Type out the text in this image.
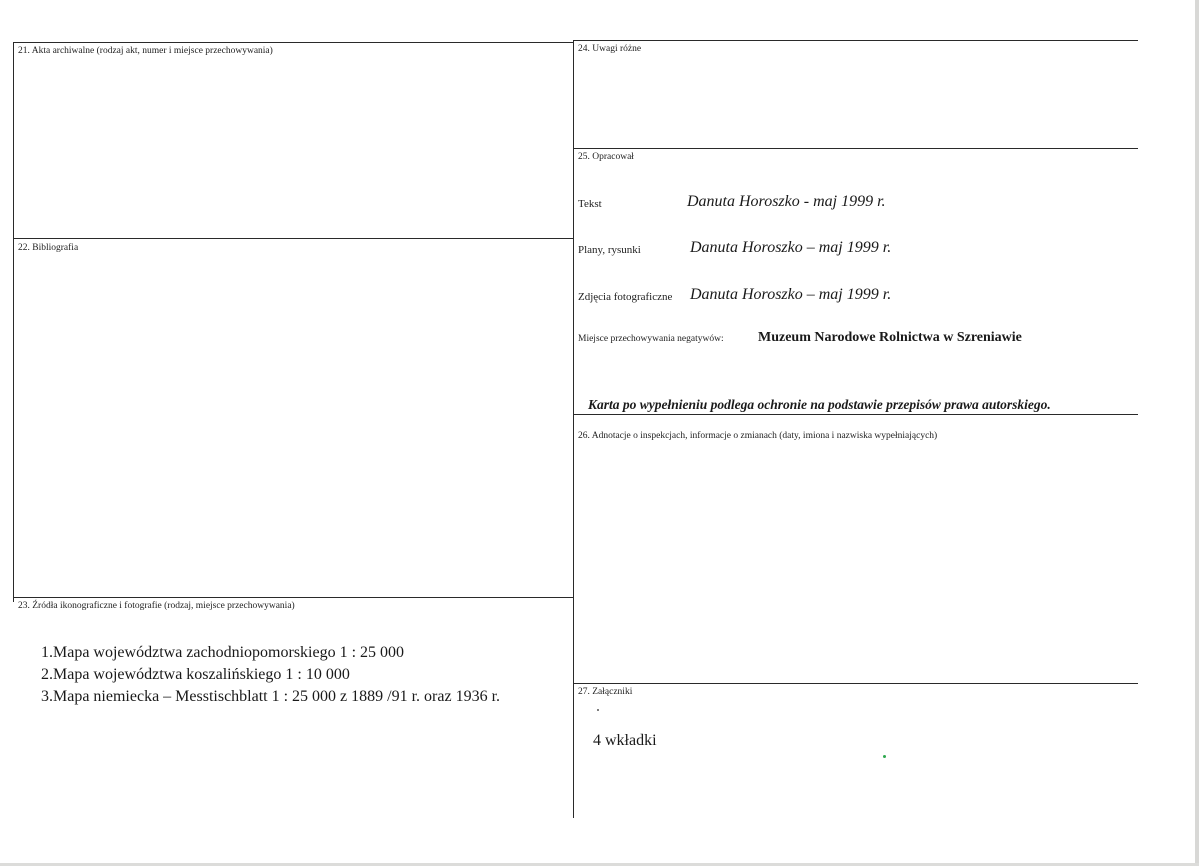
21. Akta archiwalne (rodzaj akt, numer i miejsce przechowywania)
22. Bibliografia
23. Źródła ikonograficzne i fotografie (rodzaj, miejsce przechowywania)
1.Mapa województwa zachodniopomorskiego 1 : 25 000
2.Mapa województwa koszalińskiego 1 : 10 000
3.Mapa niemiecka – Messtischblatt 1 : 25 000 z 1889 /91 r. oraz 1936 r.
24. Uwagi różne
25. Opracował
Tekst	Danuta Horoszko - maj 1999 r.
Plany, rysunki	Danuta Horoszko – maj 1999 r.
Zdjęcia fotograficzne Danuta Horoszko – maj 1999 r.
Miejsce przechowywania negatywów: Muzeum Narodowe Rolnictwa w Szreniawie
Karta po wypełnieniu podlega ochronie na podstawie przepisów prawa autorskiego.
26. Adnotacje o inspekcjach, informacje o zmianach (daty, imiona i nazwiska wypełniających)
27. Załączniki
4 wkładki
